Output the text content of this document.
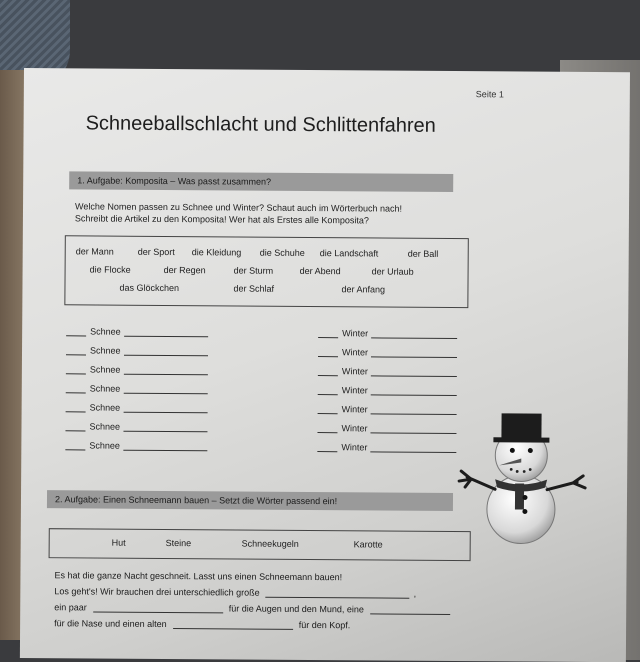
Seite 1
Schneeballschlacht und Schlittenfahren
1. Aufgabe: Komposita – Was passt zusammen?
Welche Nomen passen zu Schnee und Winter? Schaut auch im Wörterbuch nach!
Schreibt die Artikel zu den Komposita! Wer hat als Erstes alle Komposita?
der Mann	der Sport die Kleidung die Schuhe die Landschaft	der Ball
die Flocke	der Regen	der Sturm	der Abend	der Urlaub
das Glöckchen	der Schlaf	der Anfang
Schnee	Winter
Schnee	Winter
Schnee	Winter
Schnee	Winter
Schnee	Winter
Schnee	Winter
Schnee	Winter
2. Aufgabe: Einen Schneemann bauen – Setzt die Wörter passend ein!
Hut	Steine	Schneekugeln	Karotte
Es hat die ganze Nacht geschneit. Lasst uns einen Schneemann bauen!
Los geht's! Wir brauchen drei unterschiedlich große	,
ein paar	für die Augen und den Mund, eine
für die Nase und einen alten	für den Kopf.
